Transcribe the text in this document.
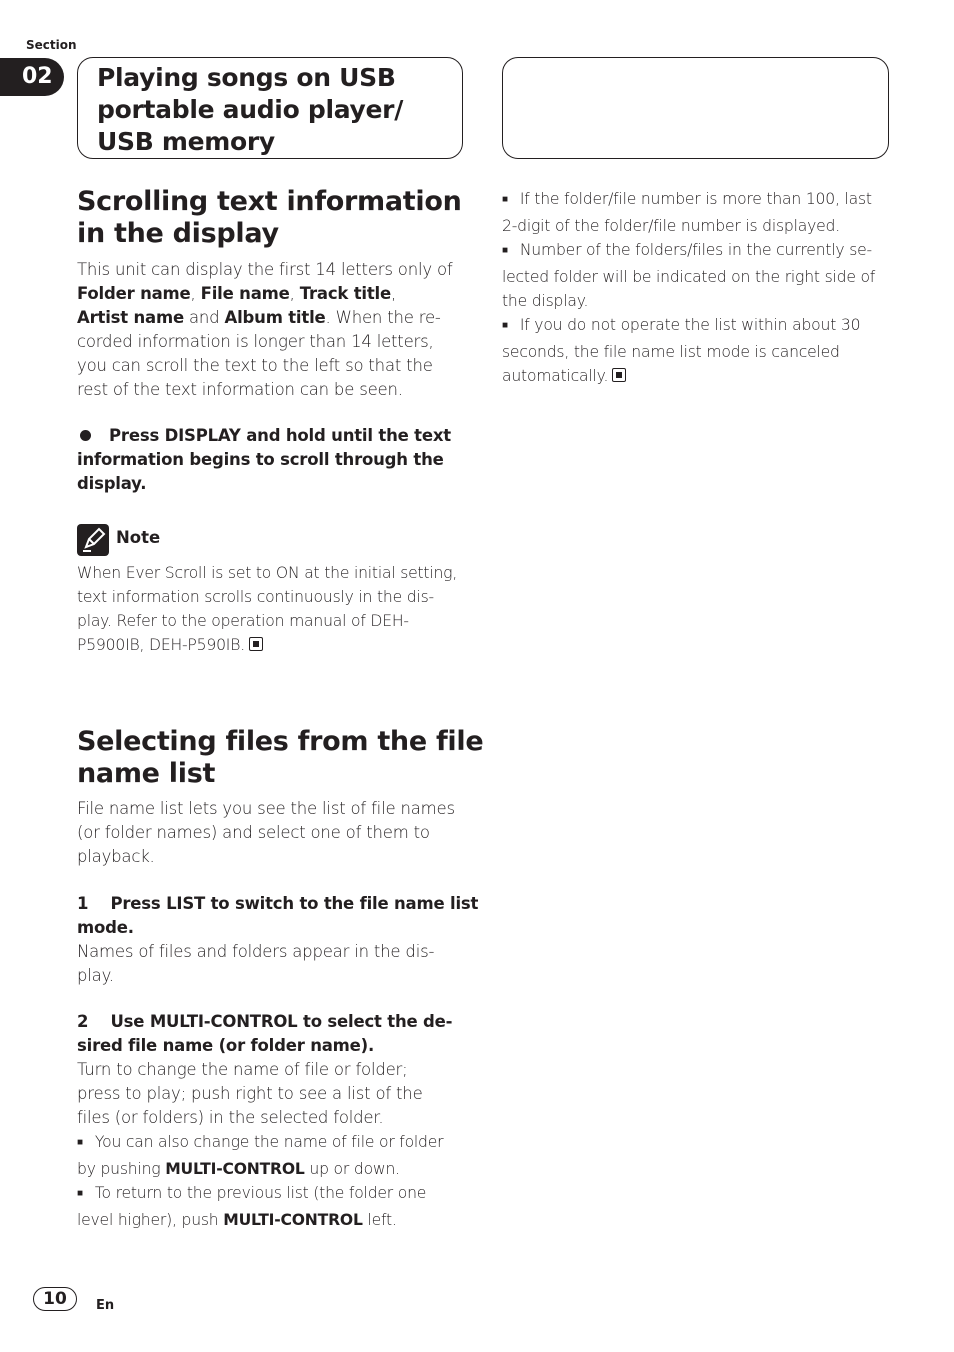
Section
02	Playing songs on USB
portable audio player/
USB memory
Scrolling text information
in the display
This unit can display the first 14 letters only of
Folder name, File name, Track title,
Artist name and Album title. When the re-
corded information is longer than 14 letters,
you can scroll the text to the left so that the
rest of the text information can be seen.
Press DISPLAY and hold until the text
information begins to scroll through the
display.
Note
When Ever Scroll is set to ON at the initial setting,
text information scrolls continuously in the dis-
play. Refer to the operation manual of DEH-
P5900IB, DEH-P590IB.
Selecting files from the file
name list
File name list lets you see the list of file names
(or folder names) and select one of them to
playback.
1    Press LIST to switch to the file name list
mode.
Names of files and folders appear in the dis-
play.
2    Use MULTI-CONTROL to select the de-
sired file name (or folder name).
Turn to change the name of file or folder;
press to play; push right to see a list of the
files (or folders) in the selected folder.
■ You can also change the name of file or folder
by pushing MULTI-CONTROL up or down.
■ To return to the previous list (the folder one
level higher), push MULTI-CONTROL left.
■ If the folder/file number is more than 100, last
2-digit of the folder/file number is displayed.
■ Number of the folders/files in the currently se-
lected folder will be indicated on the right side of
the display.
■ If you do not operate the list within about 30
seconds, the file name list mode is canceled
automatically.
10	En
